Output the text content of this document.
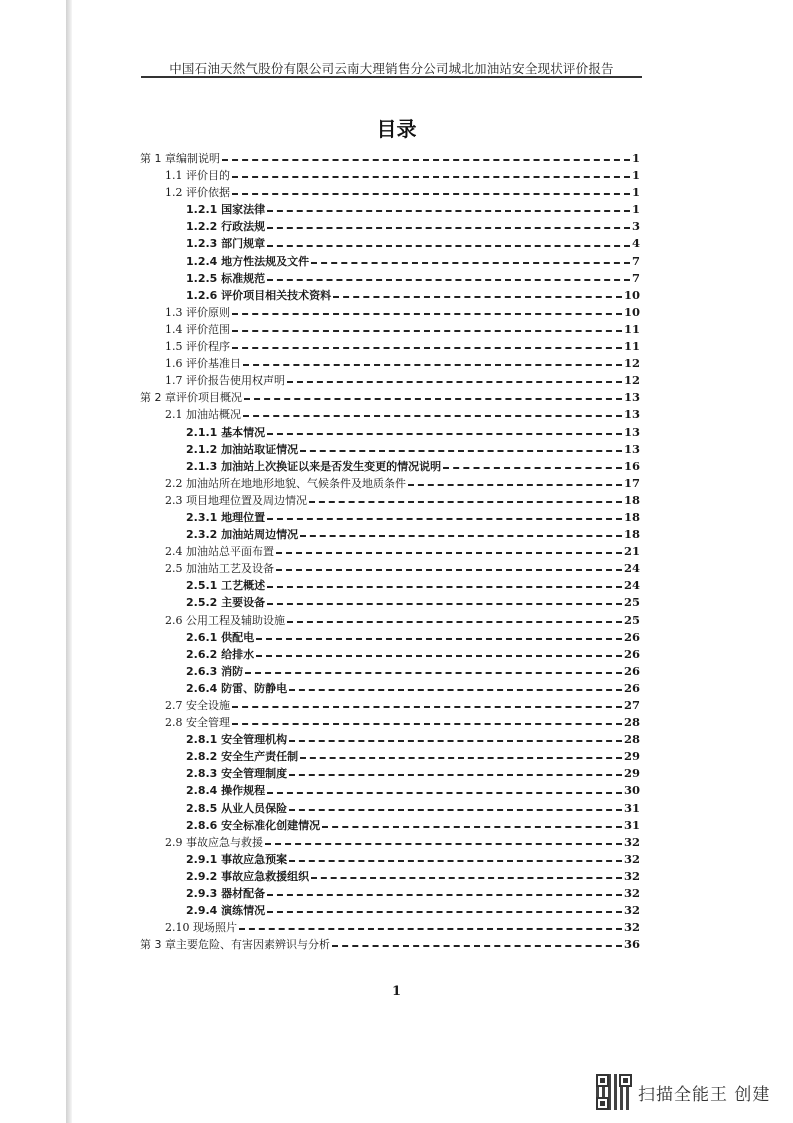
中国石油天然气股份有限公司云南大理销售分公司城北加油站安全现状评价报告
目录
第 1 章编制说明	1
1.1 评价目的	1
1.2 评价依据	1
1.2.1 国家法律	1
1.2.2 行政法规	3
1.2.3 部门规章	4
1.2.4 地方性法规及文件	7
1.2.5 标准规范	7
1.2.6 评价项目相关技术资料	10
1.3 评价原则	10
1.4 评价范围	11
1.5 评价程序	11
1.6 评价基准日	12
1.7 评价报告使用权声明	12
第 2 章评价项目概况	13
2.1 加油站概况	13
2.1.1 基本情况	13
2.1.2 加油站取证情况	13
2.1.3 加油站上次换证以来是否发生变更的情况说明	16
2.2 加油站所在地地形地貌、气候条件及地质条件	17
2.3 项目地理位置及周边情况	18
2.3.1 地理位置	18
2.3.2 加油站周边情况	18
2.4 加油站总平面布置	21
2.5 加油站工艺及设备	24
2.5.1 工艺概述	24
2.5.2 主要设备	25
2.6 公用工程及辅助设施	25
2.6.1 供配电	26
2.6.2 给排水	26
2.6.3 消防	26
2.6.4 防雷、防静电	26
2.7 安全设施	27
2.8 安全管理	28
2.8.1 安全管理机构	28
2.8.2 安全生产责任制	29
2.8.3 安全管理制度	29
2.8.4 操作规程	30
2.8.5 从业人员保险	31
2.8.6 安全标准化创建情况	31
2.9 事故应急与救援	32
2.9.1 事故应急预案	32
2.9.2 事故应急救援组织	32
2.9.3 器材配备	32
2.9.4 演练情况	32
2.10 现场照片	32
第 3 章主要危险、有害因素辨识与分析	36
1
扫描全能王 创建
